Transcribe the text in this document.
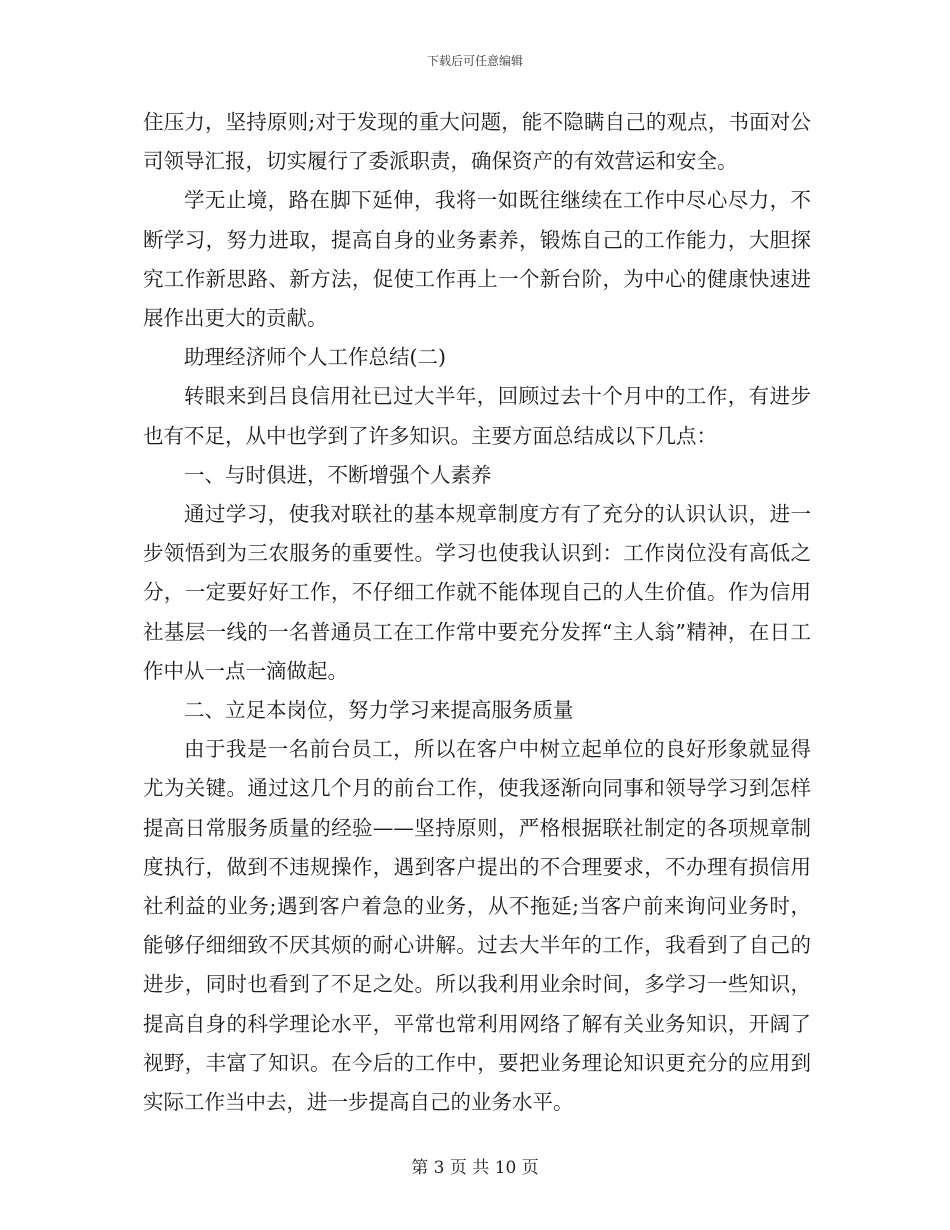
下载后可任意编辑

住压力，坚持原则;对于发现的重大问题，能不隐瞒自己的观点，书面对公司领导汇报，切实履行了委派职责，确保资产的有效营运和安全。

学无止境，路在脚下延伸，我将一如既往继续在工作中尽心尽力，不断学习，努力进取，提高自身的业务素养，锻炼自己的工作能力，大胆探究工作新思路、新方法，促使工作再上一个新台阶，为中心的健康快速进展作出更大的贡献。

助理经济师个人工作总结(二)

转眼来到吕良信用社已过大半年，回顾过去十个月中的工作，有进步也有不足，从中也学到了许多知识。主要方面总结成以下几点：

一、与时俱进，不断增强个人素养

通过学习，使我对联社的基本规章制度方有了充分的认识认识，进一步领悟到为三农服务的重要性。学习也使我认识到：工作岗位没有高低之分，一定要好好工作，不仔细工作就不能体现自己的人生价值。作为信用社基层一线的一名普通员工在工作常中要充分发挥“主人翁”精神，在日工作中从一点一滴做起。

二、立足本岗位，努力学习来提高服务质量

由于我是一名前台员工，所以在客户中树立起单位的良好形象就显得尤为关键。通过这几个月的前台工作，使我逐渐向同事和领导学习到怎样提高日常服务质量的经验——坚持原则，严格根据联社制定的各项规章制度执行，做到不违规操作，遇到客户提出的不合理要求，不办理有损信用社利益的业务;遇到客户着急的业务，从不拖延;当客户前来询问业务时，能够仔细细致不厌其烦的耐心讲解。过去大半年的工作，我看到了自己的进步，同时也看到了不足之处。所以我利用业余时间，多学习一些知识，提高自身的科学理论水平，平常也常利用网络了解有关业务知识，开阔了视野，丰富了知识。在今后的工作中，要把业务理论知识更充分的应用到实际工作当中去，进一步提高自己的业务水平。

第 3 页 共 10 页
